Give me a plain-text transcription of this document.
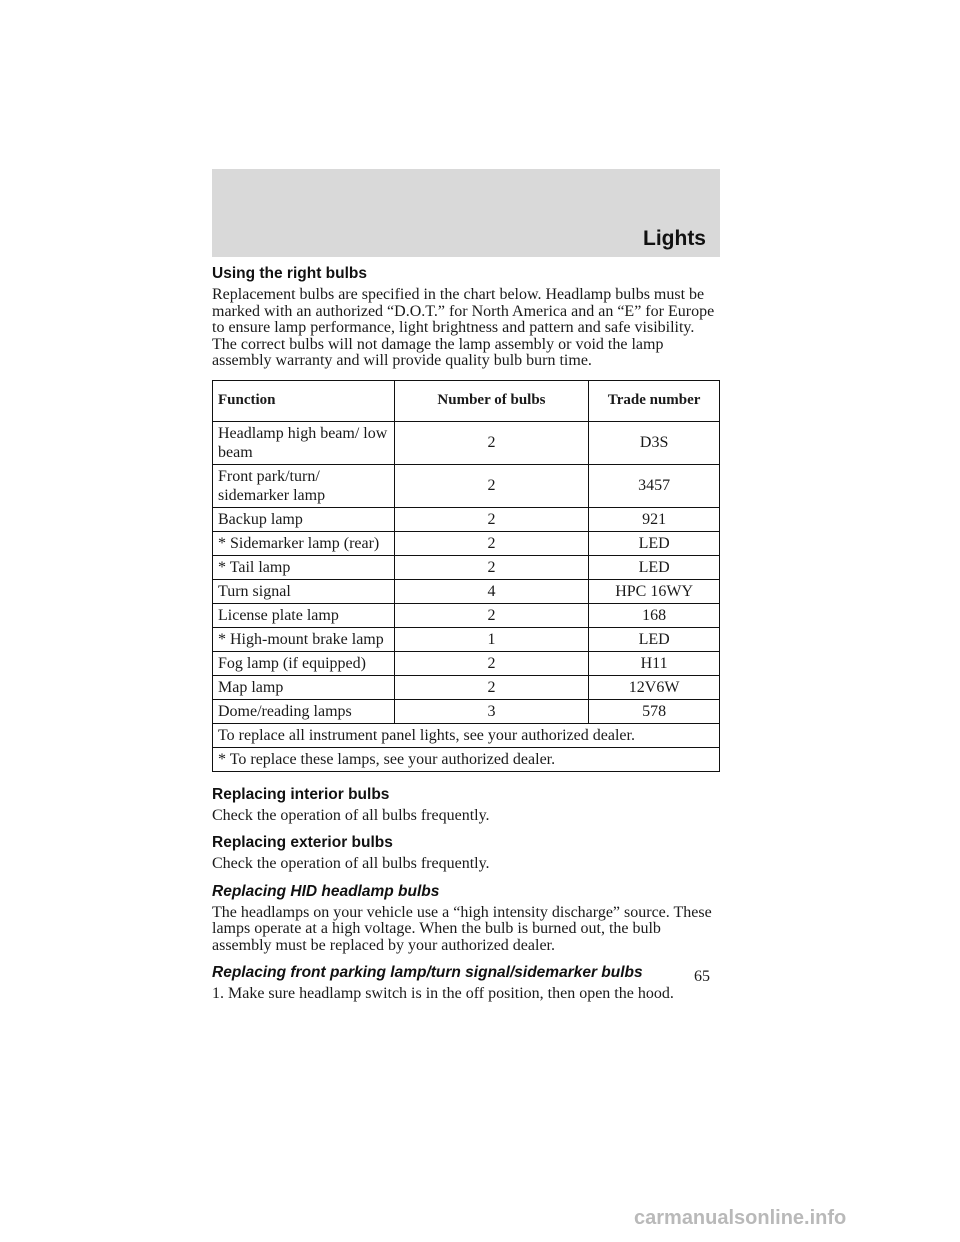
Lights
Using the right bulbs

Replacement bulbs are specified in the chart below. Headlamp bulbs must be marked with an authorized “D.O.T.” for North America and an “E” for Europe to ensure lamp performance, light brightness and pattern and safe visibility. The correct bulbs will not damage the lamp assembly or void the lamp assembly warranty and will provide quality bulb burn time.

Function	Number of bulbs	Trade number
Headlamp high beam/ low beam	2	D3S
Front park/turn/ sidemarker lamp	2	3457
Backup lamp	2	921
* Sidemarker lamp (rear)	2	LED
* Tail lamp	2	LED
Turn signal	4	HPC 16WY
License plate lamp	2	168
* High-mount brake lamp	1	LED
Fog lamp (if equipped)	2	H11
Map lamp	2	12V6W
Dome/reading lamps	3	578
To replace all instrument panel lights, see your authorized dealer.		
* To replace these lamps, see your authorized dealer.		
Replacing interior bulbs

Check the operation of all bulbs frequently.

Replacing exterior bulbs

Check the operation of all bulbs frequently.

Replacing HID headlamp bulbs

The headlamps on your vehicle use a “high intensity discharge” source. These lamps operate at a high voltage. When the bulb is burned out, the bulb assembly must be replaced by your authorized dealer.

Replacing front parking lamp/turn signal/sidemarker bulbs

1. Make sure headlamp switch is in the off position, then open the hood.

65
carmanualsonline.info
